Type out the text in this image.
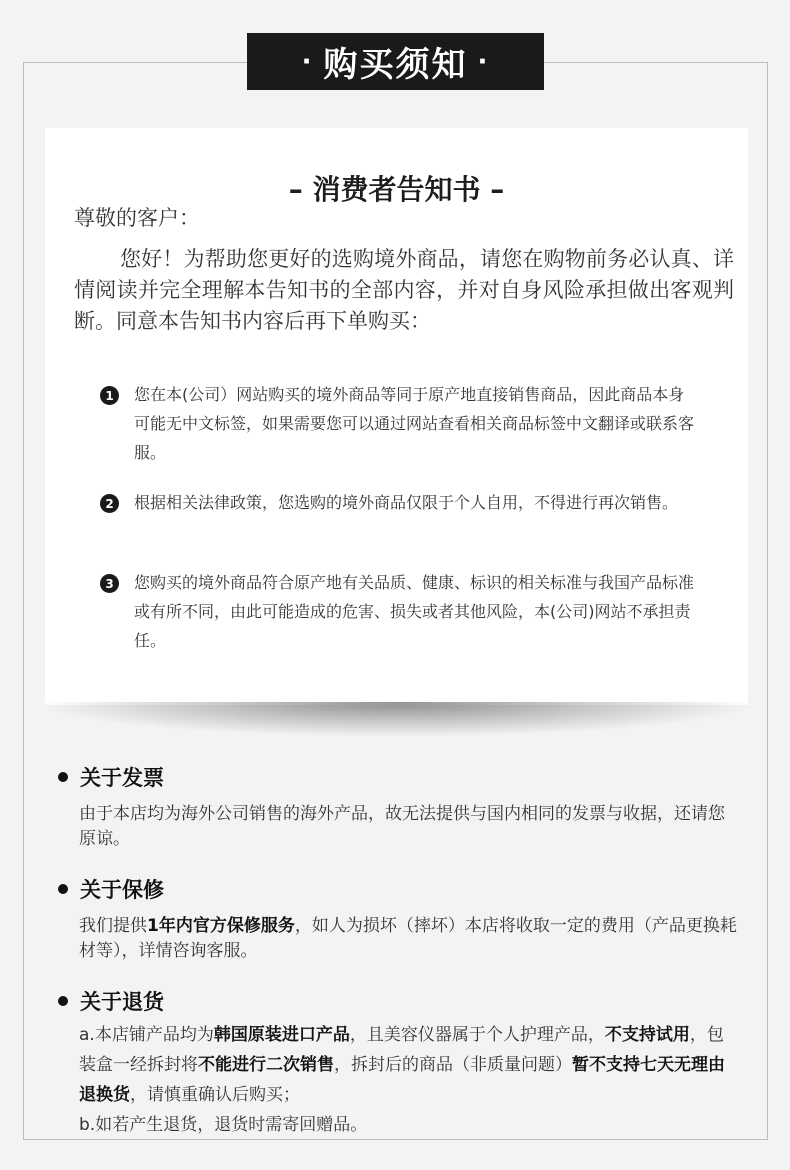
· 购买须知 ·
– 消费者告知书 –
尊敬的客户：
您好！为帮助您更好的选购境外商品，请您在购物前务必认真、详情阅读并完全理解本告知书的全部内容，并对自身风险承担做出客观判断。同意本告知书内容后再下单购买：
1	您在本(公司）网站购买的境外商品等同于原产地直接销售商品，因此商品本身可能无中文标签，如果需要您可以通过网站查看相关商品标签中文翻译或联系客服。
2	根据相关法律政策，您选购的境外商品仅限于个人自用，不得进行再次销售。
3	您购买的境外商品符合原产地有关品质、健康、标识的相关标准与我国产品标准或有所不同，由此可能造成的危害、损失或者其他风险，本(公司)网站不承担责任。
关于发票
由于本店均为海外公司销售的海外产品，故无法提供与国内相同的发票与收据，还请您原谅。
关于保修
我们提供1年内官方保修服务，如人为损坏（摔坏）本店将收取一定的费用（产品更换耗材等），详情咨询客服。
关于退货
a.本店铺产品均为韩国原装进口产品，且美容仪器属于个人护理产品，不支持试用，包装盒一经拆封将不能进行二次销售，拆封后的商品（非质量问题）暂不支持七天无理由退换货，请慎重确认后购买；
b.如若产生退货，退货时需寄回赠品。
